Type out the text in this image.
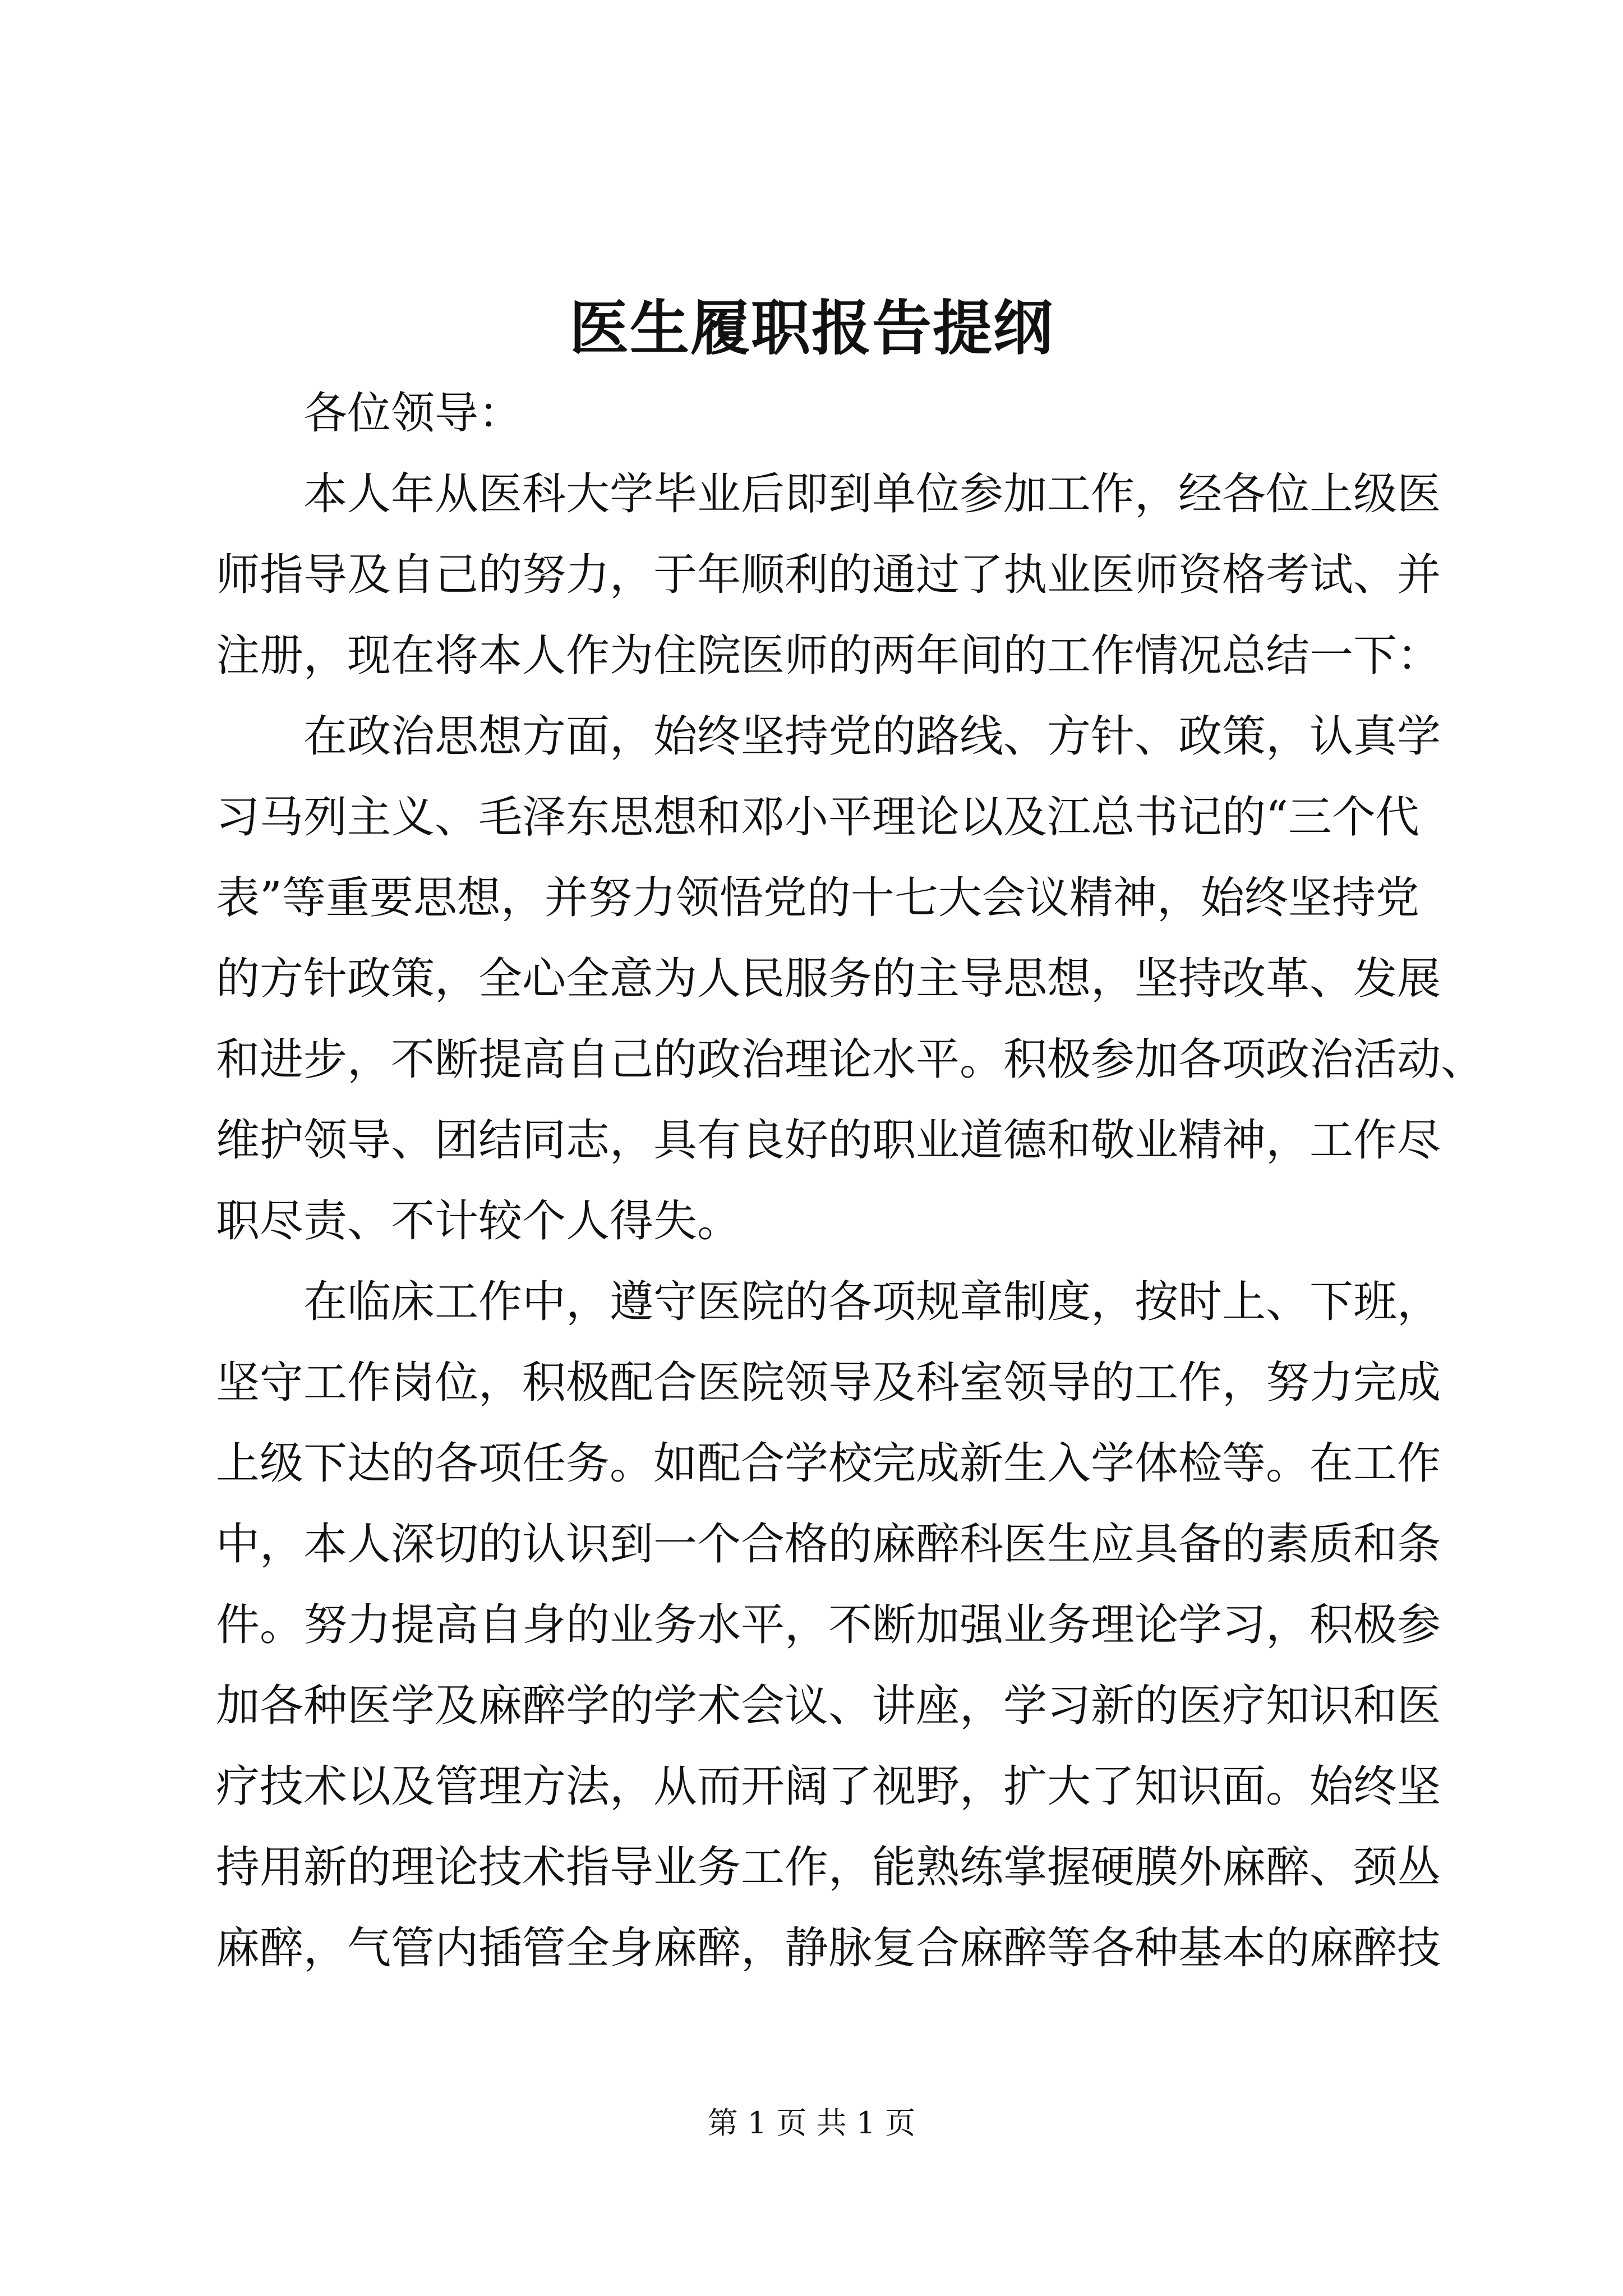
医生履职报告提纲
各位领导：
本人年从医科大学毕业后即到单位参加工作，经各位上级医
师指导及自己的努力，于年顺利的通过了执业医师资格考试、并
注册，现在将本人作为住院医师的两年间的工作情况总结一下：
在政治思想方面，始终坚持党的路线、方针、政策，认真学
习马列主义、毛泽东思想和邓小平理论以及江总书记的“三个代
表”等重要思想，并努力领悟党的十七大会议精神，始终坚持党
的方针政策，全心全意为人民服务的主导思想，坚持改革、发展
和进步，不断提高自己的政治理论水平。积极参加各项政治活动、
维护领导、团结同志，具有良好的职业道德和敬业精神，工作尽
职尽责、不计较个人得失。
在临床工作中，遵守医院的各项规章制度，按时上、下班，
坚守工作岗位，积极配合医院领导及科室领导的工作，努力完成
上级下达的各项任务。如配合学校完成新生入学体检等。在工作
中，本人深切的认识到一个合格的麻醉科医生应具备的素质和条
件。努力提高自身的业务水平，不断加强业务理论学习，积极参
加各种医学及麻醉学的学术会议、讲座，学习新的医疗知识和医
疗技术以及管理方法，从而开阔了视野，扩大了知识面。始终坚
持用新的理论技术指导业务工作，能熟练掌握硬膜外麻醉、颈丛
麻醉，气管内插管全身麻醉，静脉复合麻醉等各种基本的麻醉技
第 1 页 共 1 页
